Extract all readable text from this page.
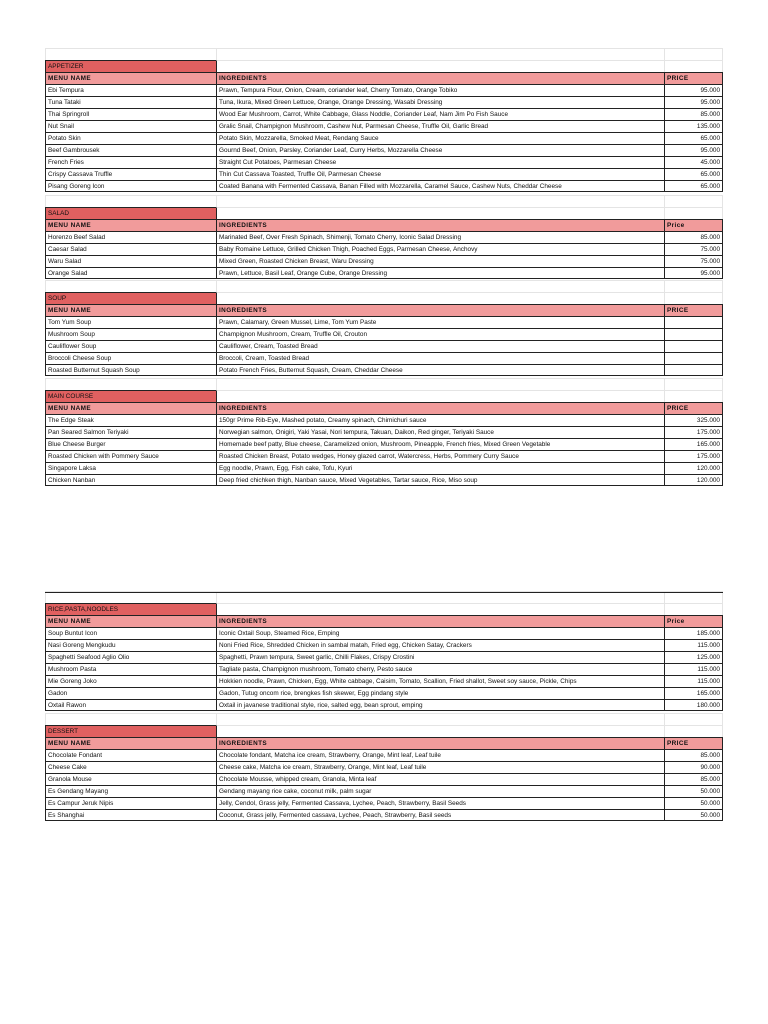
APPETIZER
MENU NAME	INGREDIENTS	PRICE
Ebi Tempura	Prawn, Tempura Flour, Onion, Cream, coriander leaf, Cherry Tomato, Orange Tobiko	95.000
Tuna Tataki	Tuna, Ikura, Mixed Green Lettuce, Orange, Orange Dressing, Wasabi Dressing	95.000
Thai Springroll	Wood Ear Mushroom, Carrot, White Cabbage, Glass Noddle, Coriander Leaf, Nam Jim Po Fish Sauce	85.000
Nut Snail	Gralic Snail, Champignon Mushroom, Cashew Nut, Parmesan Cheese, Truffle Oil, Garlic Bread	135.000
Potato Skin	Potato Skin, Mozzarella, Smoked Meat, Rendang Sauce	65.000
Beef Gambrousek	Gournd Beef, Onion, Parsley, Coriander Leaf, Curry Herbs, Mozzarella Cheese	95.000
French Fries	Straight Cut Potatoes, Parmesan Cheese	45.000
Crispy Cassava Truffle	Thin Cut Cassava Toasted, Truffle Oil, Parmesan Cheese	65.000
Pisang Goreng Icon	Coated Banana with Fermented Cassava, Banan Filled with Mozzarella, Caramel Sauce, Cashew Nuts, Cheddar Cheese	65.000
SALAD
MENU NAME	INGREDIENTS	Price
Horenzo Beef Salad	Marinated Beef, Over Fresh Spinach, Shimenji, Tomato Cherry, Iconic Salad Dressing	85.000
Caesar Salad	Baby Romaine Lettuce, Grilled Chicken Thigh, Poached Eggs, Parmesan Cheese, Anchovy	75.000
Waru Salad	Mixed Green, Roasted Chicken Breast, Waru Dressing	75.000
Orange Salad	Prawn, Lettuce, Basil Leaf, Orange Cube, Orange Dressing	95.000
SOUP
MENU NAME	INGREDIENTS	PRICE
Tom Yum Soup	Prawn, Calamary, Green Mussel, Lime, Tom Yum Paste
Mushroom Soup	Champignon Mushroom, Cream, Truffle Oil, Crouton
Cauliflower Soup	Cauliflower, Cream, Toasted Bread
Broccoli Cheese Soup	Broccoli, Cream, Toasted Bread
Roasted Butternut Squash Soup	Potato French Fries, Butternut Squash, Cream, Cheddar Cheese
MAIN COURSE
MENU NAME	INGREDIENTS	PRICE
The Edge Steak	150gr Prime Rib-Eye, Mashed potato, Creamy spinach, Chimichuri sauce	325.000
Pan Seared Salmon Teriyaki	Norwegian salmon, Onigiri, Yaki Yasai, Nori tempura, Takuan, Daikon, Red ginger, Teriyaki Sauce	175.000
Blue Cheese Burger	Homemade beef patty, Blue cheese, Caramelized onion, Mushroom, Pineapple, French fries, Mixed Green Vegetable	165.000
Roasted Chicken with Pommery Sauce	Roasted Chicken Breast, Potato wedges, Honey glazed carrot, Watercress, Herbs, Pommery Curry Sauce	175.000
Singapore Laksa	Egg noodle, Prawn, Egg, Fish cake, Tofu, Kyuri	120.000
Chicken Nanban	Deep fried chichken thigh, Nanban sauce, Mixed Vegetables, Tartar sauce, Rice, Miso soup	120.000
RICE,PASTA,NOODLES
MENU NAME	INGREDIENTS	Price
Soup Buntut Icon	Iconic Oxtail Soup, Steamed Rice, Emping	185.000
Nasi Goreng Mengkudu	Noni Fried Rice, Shredded Chicken in sambal matah, Fried egg, Chicken Satay, Crackers	115.000
Spaghetti Seafood Aglio Olio	Spaghetti, Prawn tempura, Sweet garlic, Chilli Flakes, Crispy Crostini	125.000
Mushroom Pasta	Tagliate pasta, Champignon mushroom, Tomato cherry, Pesto sauce	115.000
Mie Goreng Joko	Hokkien noodle, Prawn, Chicken, Egg, White cabbage, Caisim, Tomato, Scallion, Fried shallot, Sweet soy sauce, Pickle, Chips	115.000
Gadon	Gadon, Tutug oncom rice, brengkes fish skewer, Egg pindang style	165.000
Oxtail Rawon	Oxtail in javanese traditional style, rice, salted egg, bean sprout, emping	180.000
DESSERT
MENU NAME	INGREDIENTS	PRICE
Chocolate Fondant	Chocolate fondant, Matcha ice cream, Strawberry, Orange, Mint leaf, Leaf tuile	85.000
Cheese Cake	Cheese cake, Matcha ice cream, Strawberry, Orange, Mint leaf, Leaf tuile	90.000
Granola Mouse	Chocolate Mousse, whipped cream, Granola, Minta leaf	85.000
Es Gendang Mayang	Gendang mayang rice cake, coconut milk, palm sugar	50.000
Es Campur Jeruk Nipis	Jelly, Cendol, Grass jelly, Fermented Cassava, Lychee, Peach, Strawberry, Basil Seeds	50.000
Es Shanghai	Coconut, Grass jelly, Fermented cassava, Lychee, Peach, Strawberry, Basil seeds	50.000
